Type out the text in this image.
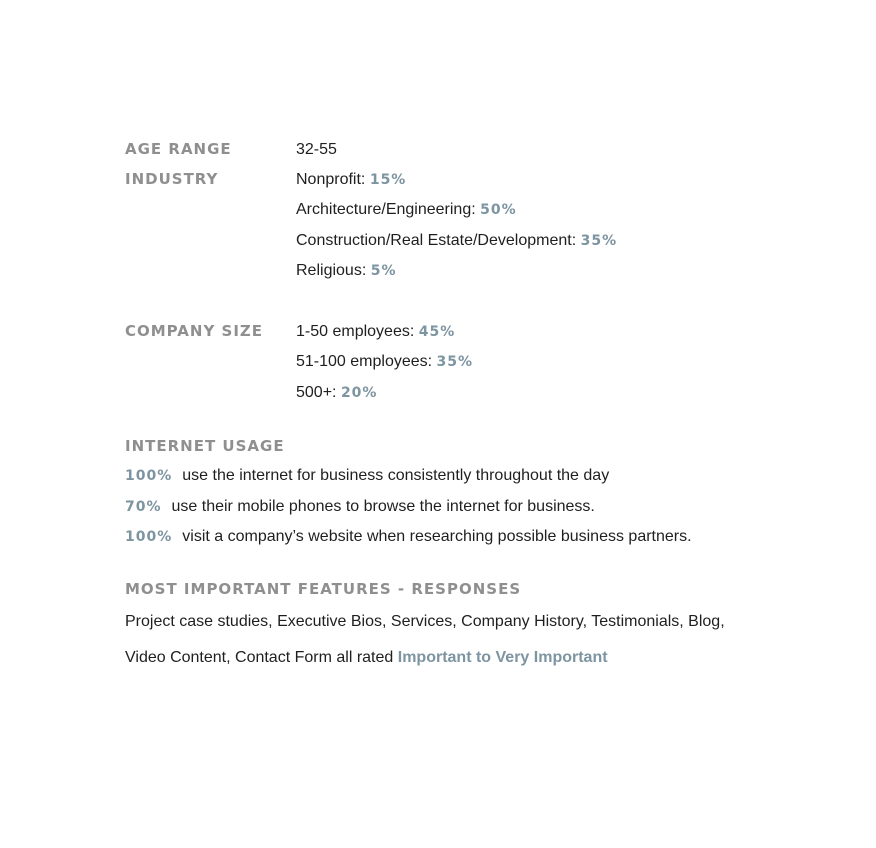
AGE RANGE	32-55
INDUSTRY	Nonprofit: 15%
Architecture/Engineering: 50%
Construction/Real Estate/Development: 35%
Religious: 5%
COMPANY SIZE	1-50 employees: 45%
51-100 employees: 35%
500+: 20%
INTERNET USAGE
100% use the internet for business consistently throughout the day
70% use their mobile phones to browse the internet for business.
100% visit a company’s website when researching possible business partners.
MOST IMPORTANT FEATURES - RESPONSES
Project case studies, Executive Bios, Services, Company History, Testimonials, Blog, Video Content, Contact Form all rated Important to Very Important
